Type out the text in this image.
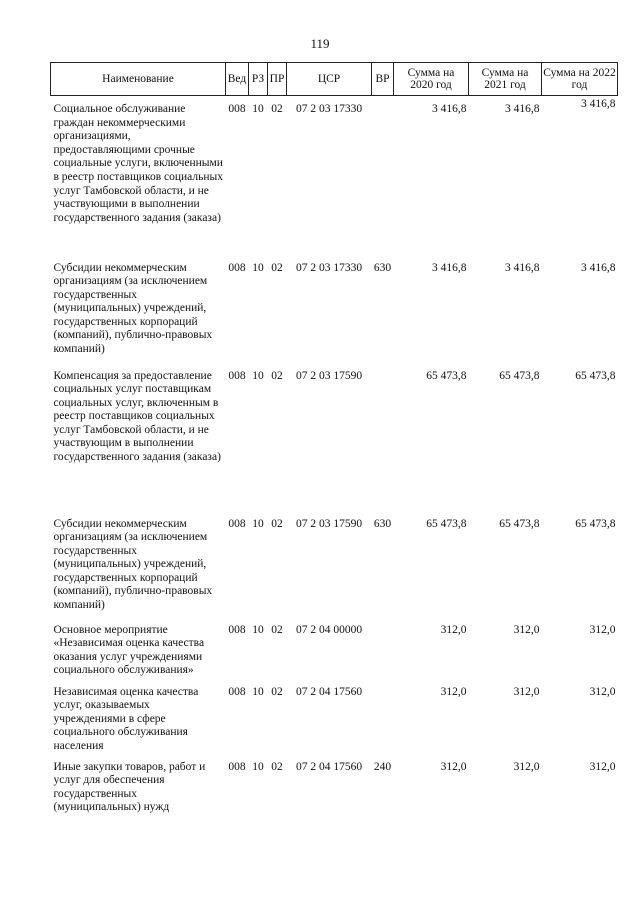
119
Наименование	Вед	РЗ	ПР	ЦСР	ВР	Сумма на 2020 год	Сумма на 2021 год	Сумма на 2022 год
Социальное обслуживание граждан некоммерческими организациями, предоставляющими срочные социальные услуги, включенными в реестр поставщиков социальных услуг Тамбовской области, и не участвующими в выполнении государственного задания (заказа)	008	10	02	07 2 03 17330		3 416,8	3 416,8	3 416,8
Субсидии некоммерческим организациям (за исключением государственных (муниципальных) учреждений, государственных корпораций (компаний), публично-правовых компаний)	008	10	02	07 2 03 17330	630	3 416,8	3 416,8	3 416,8
Компенсация за предоставление социальных услуг поставщикам социальных услуг, включенным в реестр поставщиков социальных услуг Тамбовской области, и не участвующим в выполнении государственного задания (заказа)	008	10	02	07 2 03 17590		65 473,8	65 473,8	65 473,8
Субсидии некоммерческим организациям (за исключением государственных (муниципальных) учреждений, государственных корпораций (компаний), публично-правовых компаний)	008	10	02	07 2 03 17590	630	65 473,8	65 473,8	65 473,8
Основное мероприятие «Независимая оценка качества оказания услуг учреждениями социального обслуживания»	008	10	02	07 2 04 00000		312,0	312,0	312,0
Независимая оценка качества услуг, оказываемых учреждениями в сфере социального обслуживания населения	008	10	02	07 2 04 17560		312,0	312,0	312,0
Иные закупки товаров, работ и услуг для обеспечения государственных (муниципальных) нужд	008	10	02	07 2 04 17560	240	312,0	312,0	312,0
